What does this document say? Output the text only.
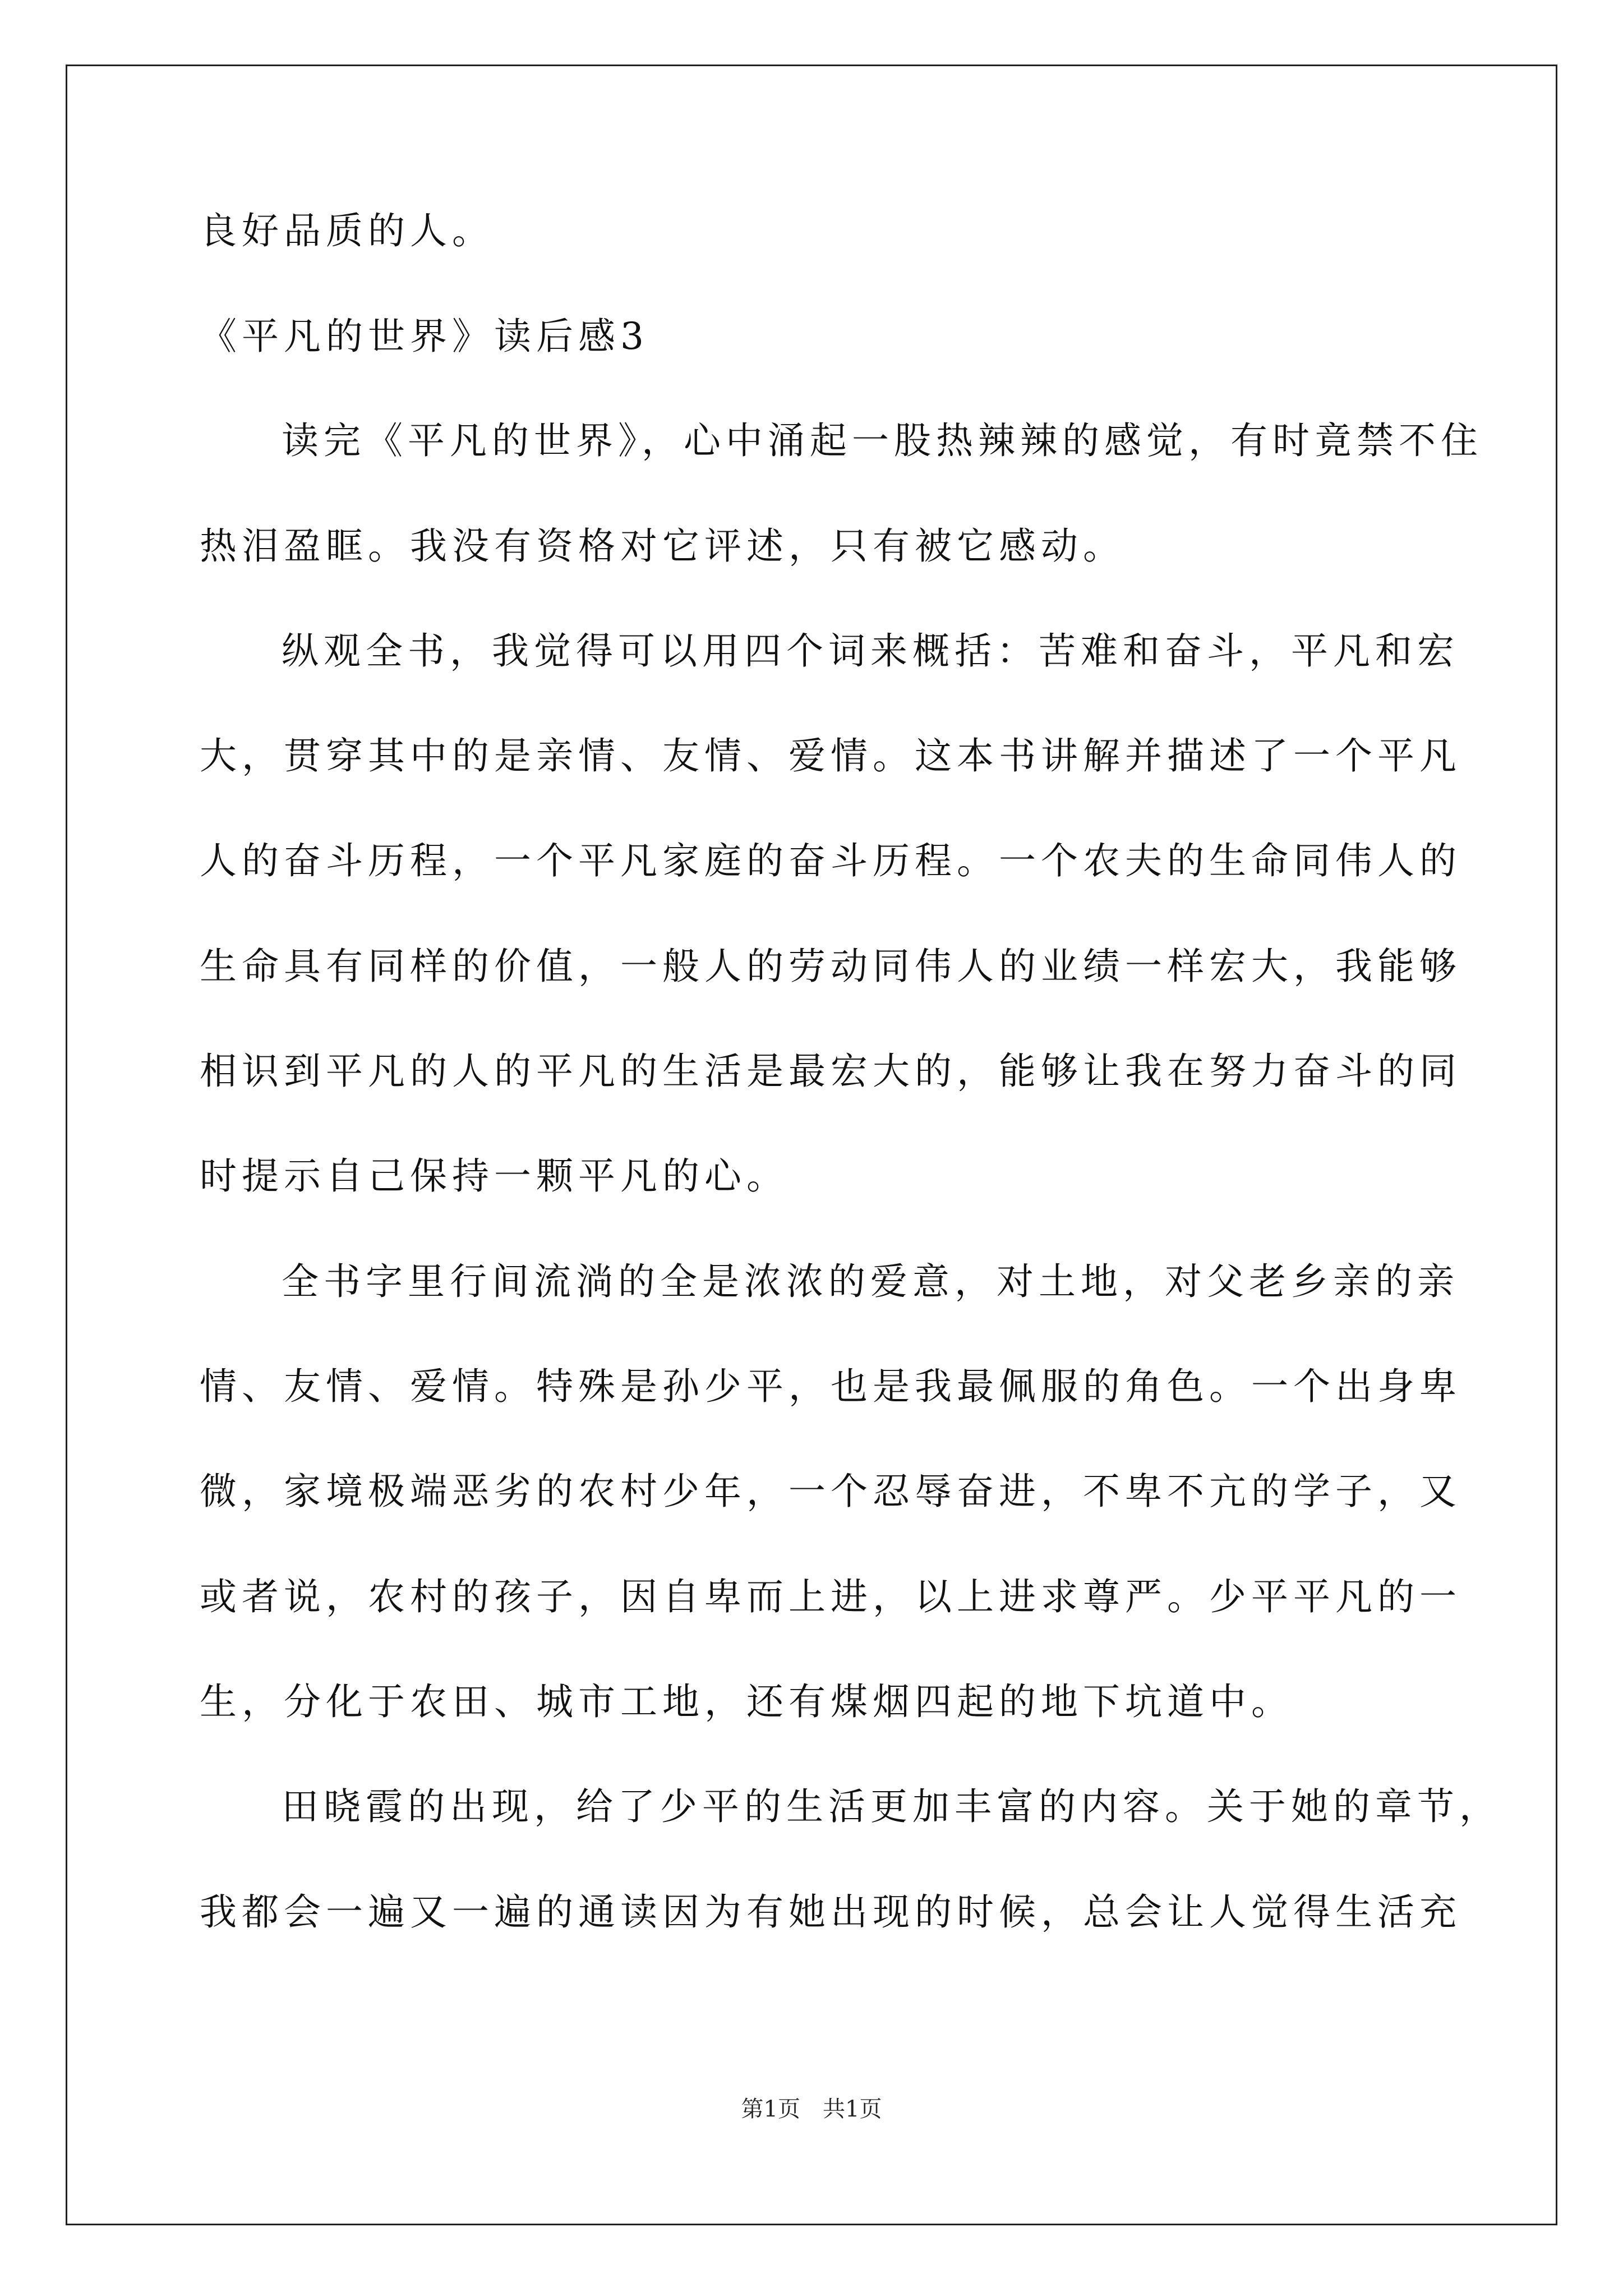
良好品质的人。
《平凡的世界》读后感3
读完《平凡的世界》，心中涌起一股热辣辣的感觉，有时竟禁不住
热泪盈眶。我没有资格对它评述，只有被它感动。
纵观全书，我觉得可以用四个词来概括：苦难和奋斗，平凡和宏
大，贯穿其中的是亲情、友情、爱情。这本书讲解并描述了一个平凡
人的奋斗历程，一个平凡家庭的奋斗历程。一个农夫的生命同伟人的
生命具有同样的价值，一般人的劳动同伟人的业绩一样宏大，我能够
相识到平凡的人的平凡的生活是最宏大的，能够让我在努力奋斗的同
时提示自己保持一颗平凡的心。
全书字里行间流淌的全是浓浓的爱意，对土地，对父老乡亲的亲
情、友情、爱情。特殊是孙少平，也是我最佩服的角色。一个出身卑
微，家境极端恶劣的农村少年，一个忍辱奋进，不卑不亢的学子，又
或者说，农村的孩子，因自卑而上进，以上进求尊严。少平平凡的一
生，分化于农田、城市工地，还有煤烟四起的地下坑道中。
田晓霞的出现，给了少平的生活更加丰富的内容。关于她的章节，
我都会一遍又一遍的通读因为有她出现的时候，总会让人觉得生活充
第1页　共1页
